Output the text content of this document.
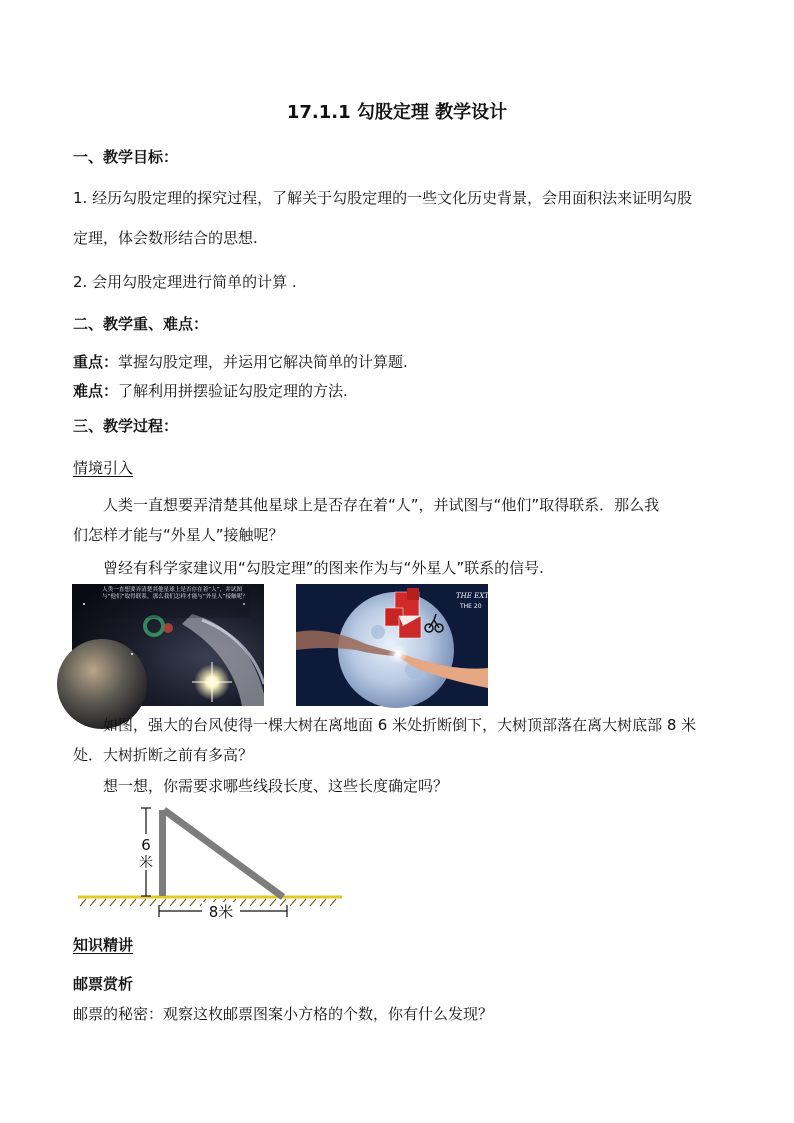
17.1.1 勾股定理 教学设计
一、教学目标：
1. 经历勾股定理的探究过程，了解关于勾股定理的一些文化历史背景，会用面积法来证明勾股
定理，体会数形结合的思想.
2. 会用勾股定理进行简单的计算 .
二、教学重、难点：
重点：掌握勾股定理，并运用它解决简单的计算题.
难点：了解利用拼摆验证勾股定理的方法.
三、教学过程：
情境引入
人类一直想要弄清楚其他星球上是否存在着“人”，并试图与“他们”取得联系．那么我
们怎样才能与“外星人”接触呢？
曾经有科学家建议用“勾股定理”的图来作为与“外星人”联系的信号.
人类一直想要弄清楚其他星球上是否存在着“人”，并试图与“他们”取得联系，那么我们怎样才能与“外星人”接触呢？	THE EXTRA
THE 20
如图，强大的台风使得一棵大树在离地面 6 米处折断倒下，大树顶部落在离大树底部 8 米
处．大树折断之前有多高？
想一想，你需要求哪些线段长度、这些长度确定吗？
6
米
8米
知识精讲
邮票赏析
邮票的秘密：观察这枚邮票图案小方格的个数，你有什么发现？
